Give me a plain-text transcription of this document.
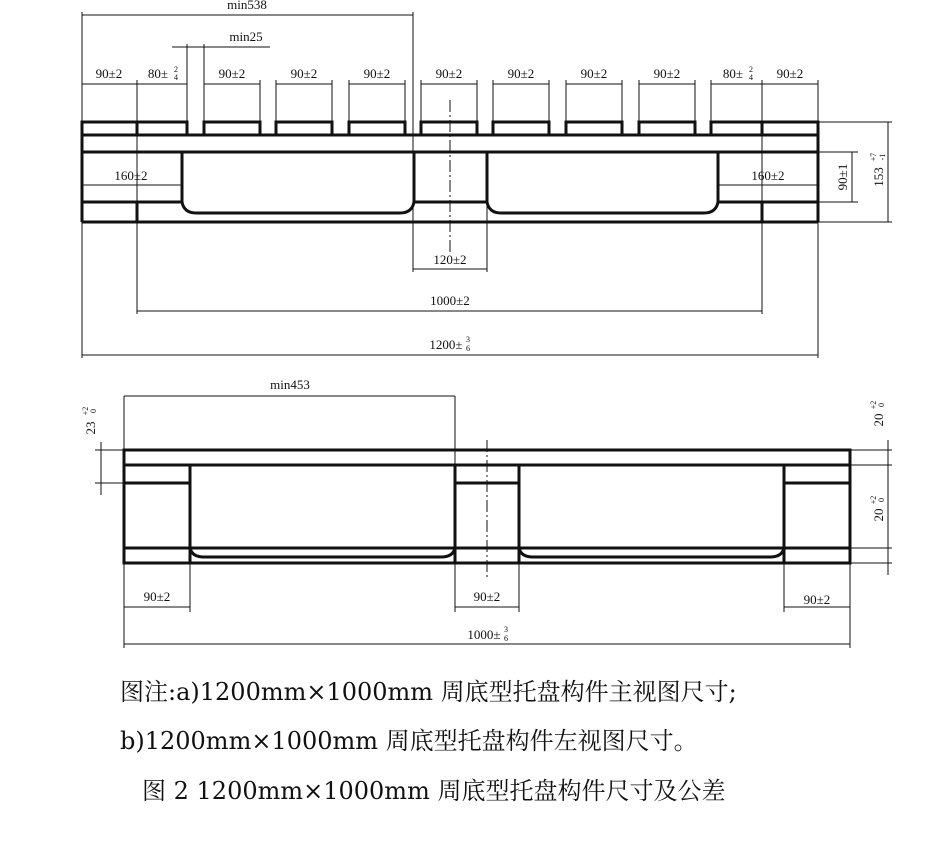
min538
min25
90±2 80± 2
4	90±2	90±2	90±2	90±2	90±2	90±2	90±2	80± 2
4 90±2
160±2	160±2
120±2
1000±2
1200± 3
6
90±1 153
+7 -1
min453
23
+2 0
20
+2 0
20
+2 0
90±2	90±2	90±2
1000± 3
6
图注:a)1200mm×1000mm 周底型托盘构件主视图尺寸;
b)1200mm×1000mm 周底型托盘构件左视图尺寸。
图 2 1200mm×1000mm 周底型托盘构件尺寸及公差
